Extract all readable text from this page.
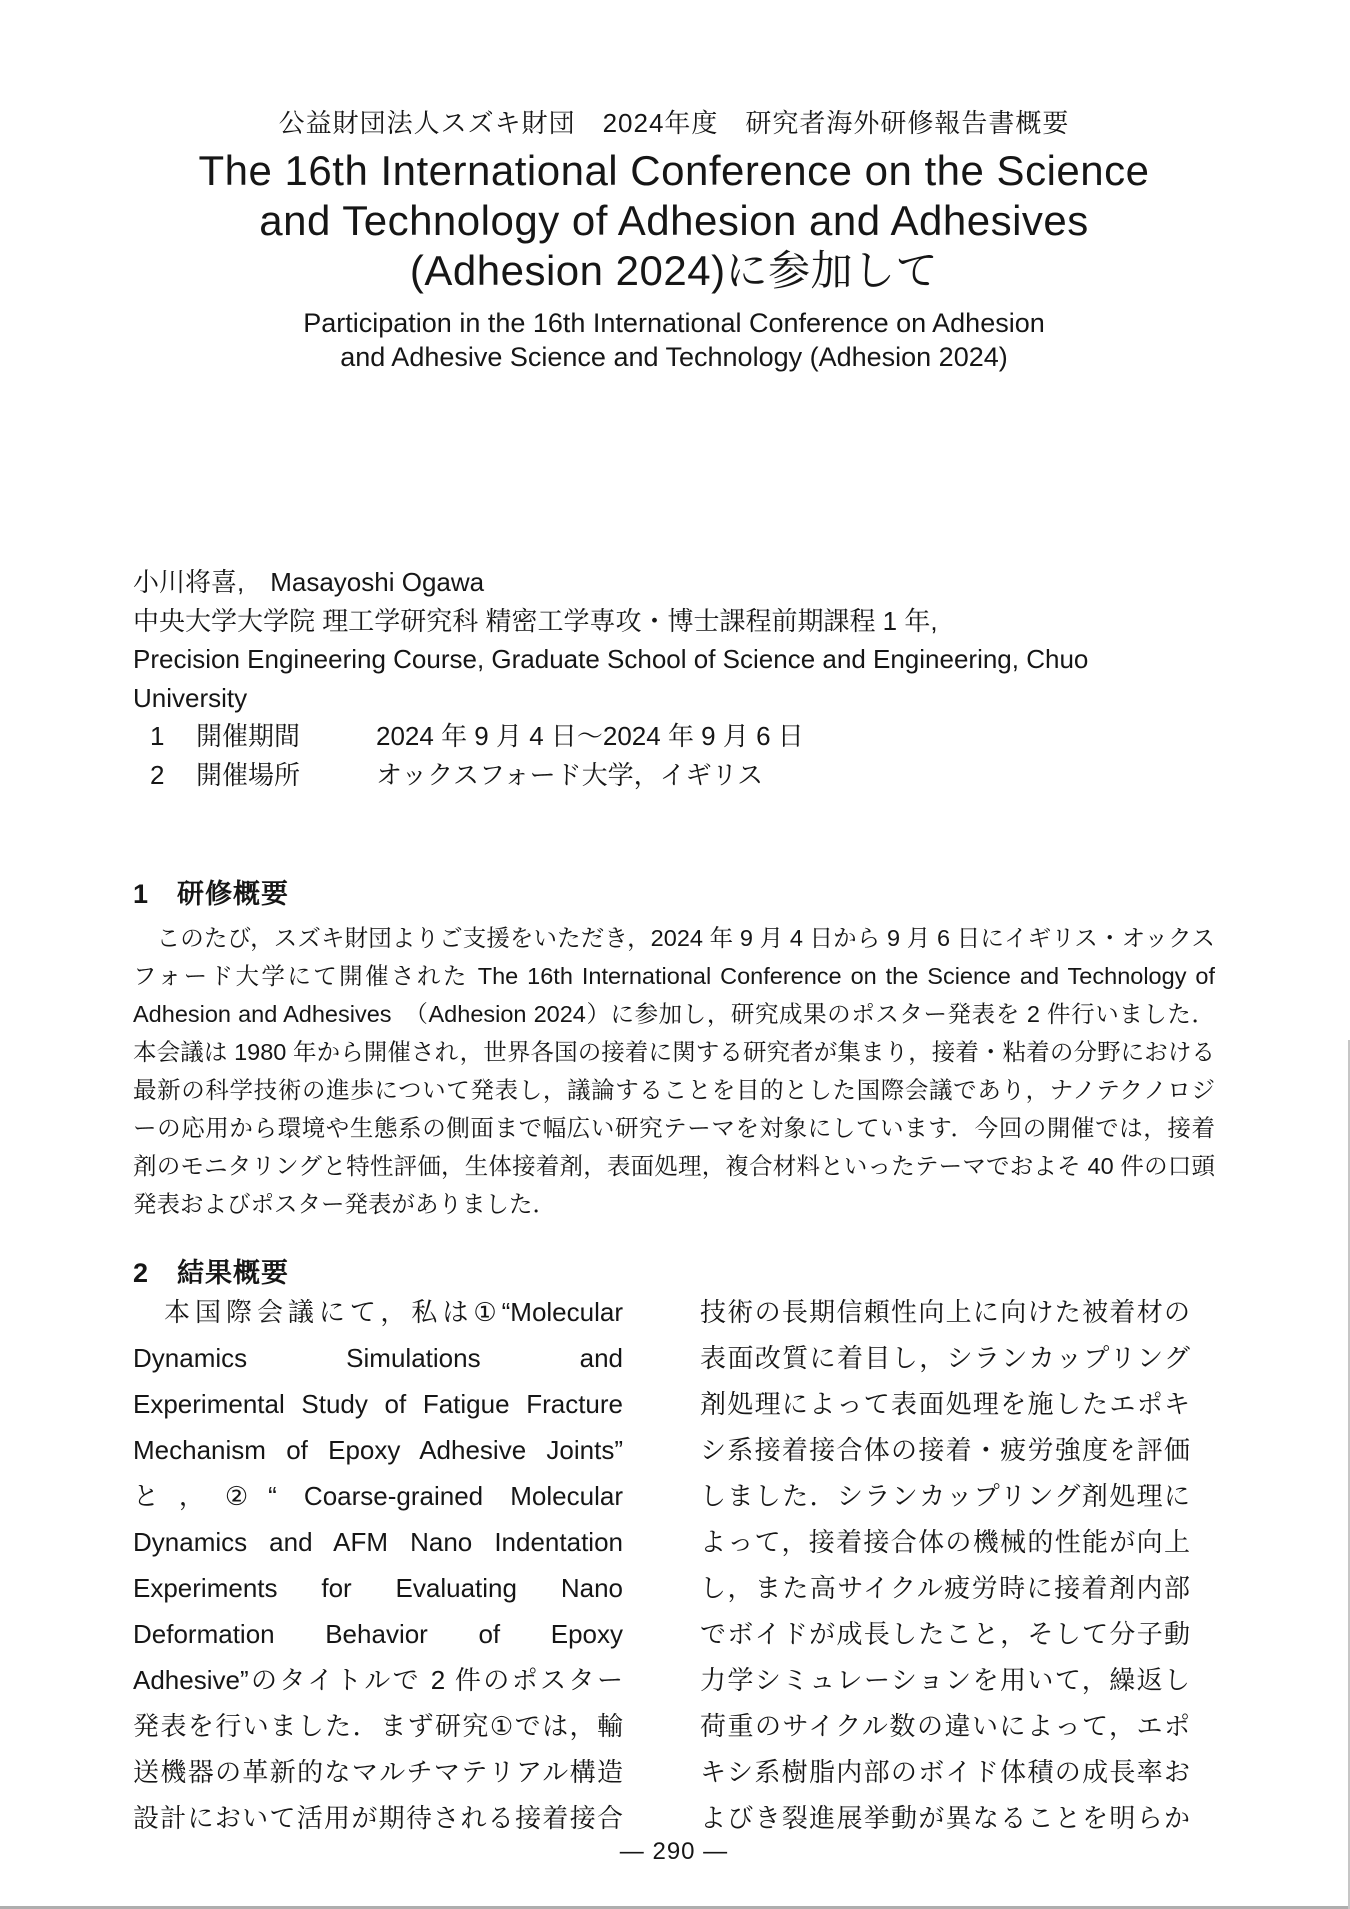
公益財団法人スズキ財団　2024年度　研究者海外研修報告書概要
The 16th International Conference on the Science
and Technology of Adhesion and Adhesives
(Adhesion 2024)に参加して
Participation in the 16th International Conference on Adhesion
and Adhesive Science and Technology (Adhesion 2024)
小川将喜,　Masayoshi Ogawa
中央大学大学院 理工学研究科 精密工学専攻・博士課程前期課程 1 年,
Precision Engineering Course, Graduate School of Science and Engineering, Chuo
University
1	開催期間	2024 年 9 月 4 日～2024 年 9 月 6 日
2	開催場所	オックスフォード大学，イギリス
1　研修概要
　このたび，スズキ財団よりご支援をいただき，2024 年 9 月 4 日から 9 月 6 日にイギリス・オックス
フォード大学にて開催された The 16th International Conference on the Science and Technology of
Adhesion and Adhesives　（Adhesion 2024）に参加し，研究成果のポスター発表を 2 件行いました．
本会議は 1980 年から開催され，世界各国の接着に関する研究者が集まり，接着・粘着の分野における
最新の科学技術の進歩について発表し，議論することを目的とした国際会議であり，ナノテクノロジ
ーの応用から環境や生態系の側面まで幅広い研究テーマを対象にしています．今回の開催では，接着
剤のモニタリングと特性評価，生体接着剤，表面処理，複合材料といったテーマでおよそ 40 件の口頭
発表およびポスター発表がありました．
2　結果概要
　本国際会議にて，私は①“Molecular
Dynamics Simulations and
Experimental Study of Fatigue Fracture
Mechanism of Epoxy Adhesive Joints”
と，②“ Coarse-grained Molecular
Dynamics and AFM Nano Indentation
Experiments for Evaluating Nano
Deformation Behavior of Epoxy
Adhesive”のタイトルで 2 件のポスター
発表を行いました．まず研究①では，輸
送機器の革新的なマルチマテリアル構造
設計において活用が期待される接着接合
技術の長期信頼性向上に向けた被着材の
表面改質に着目し，シランカップリング
剤処理によって表面処理を施したエポキ
シ系接着接合体の接着・疲労強度を評価
しました．シランカップリング剤処理に
よって，接着接合体の機械的性能が向上
し，また高サイクル疲労時に接着剤内部
でボイドが成長したこと，そして分子動
力学シミュレーションを用いて，繰返し
荷重のサイクル数の違いによって，エポ
キシ系樹脂内部のボイド体積の成長率お
よびき裂進展挙動が異なることを明らか
— 290 —
